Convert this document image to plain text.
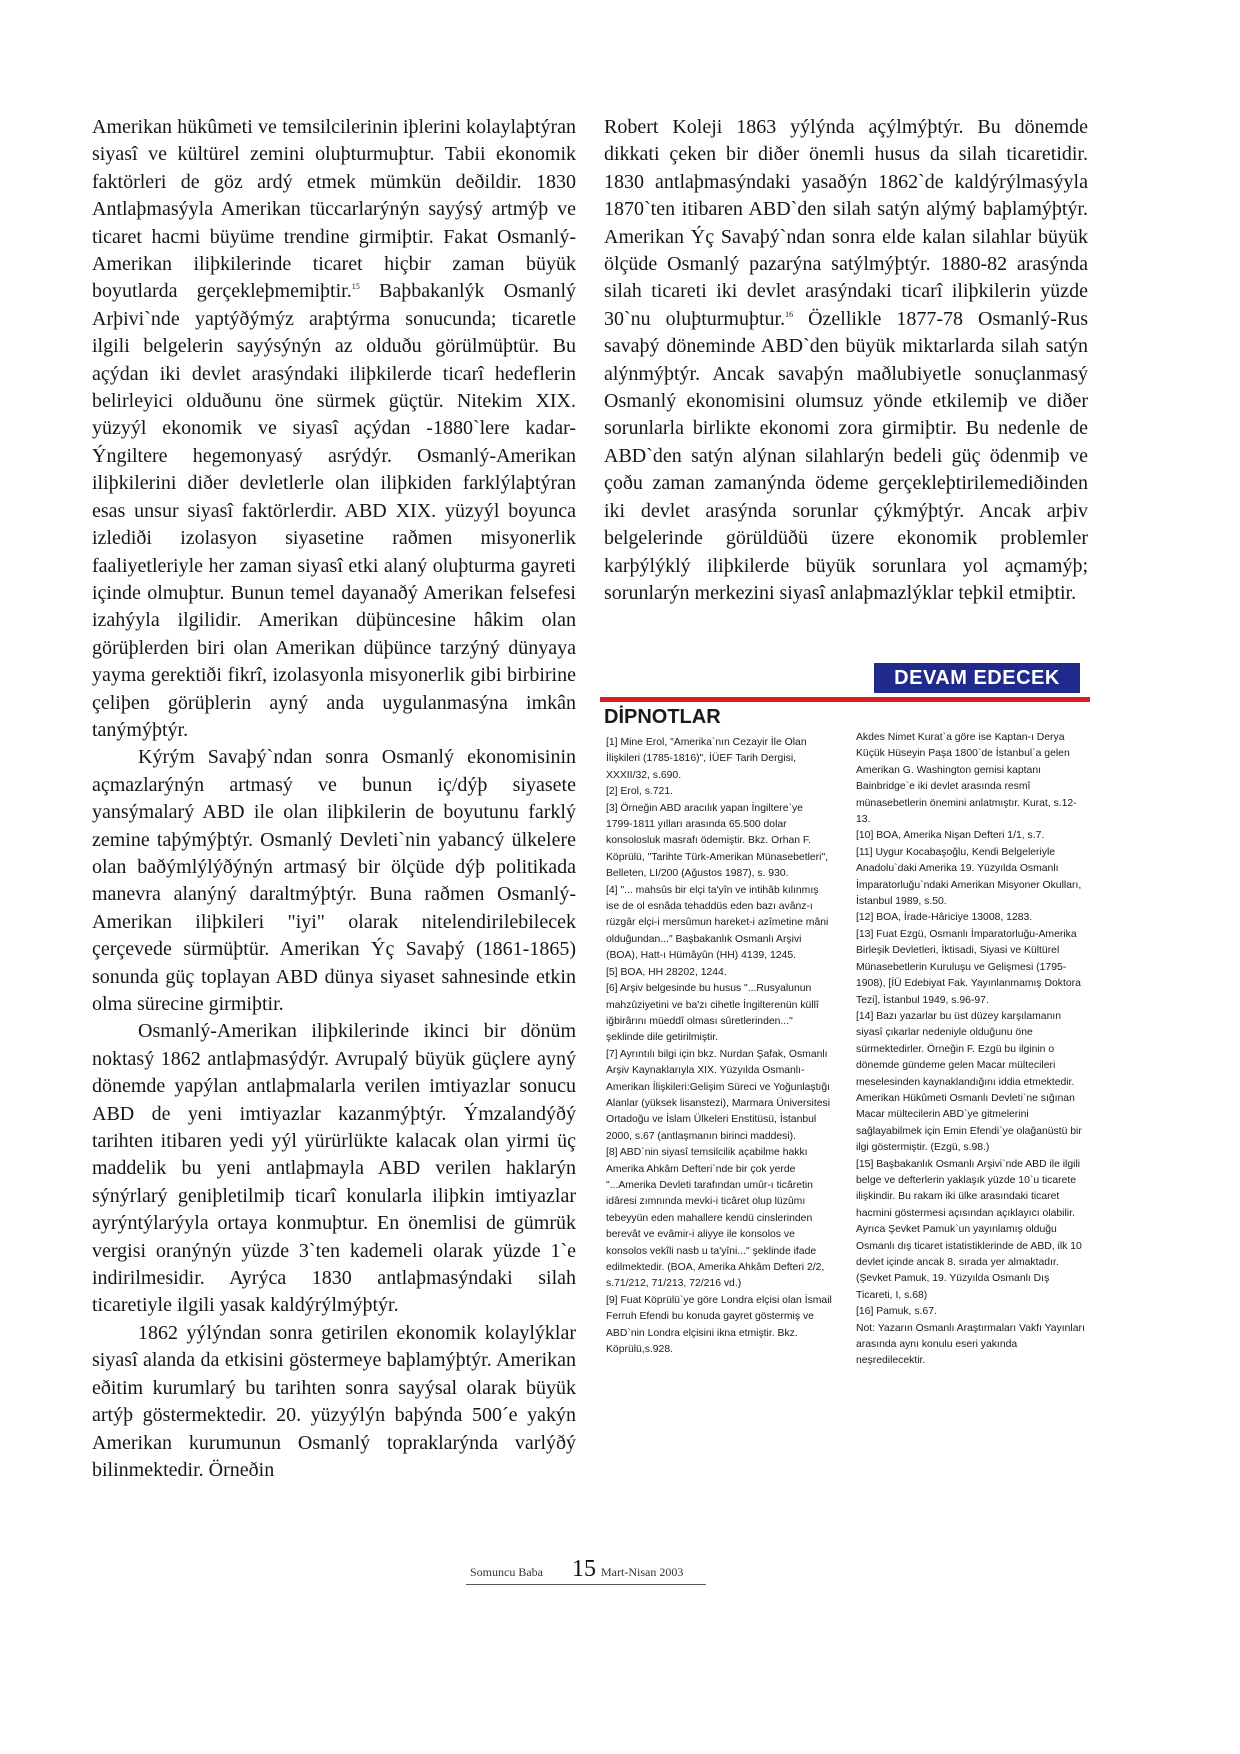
Amerikan hükûmeti ve temsilcilerinin iþlerini kolaylaþtýran siyasî ve kültürel zemini oluþturmuþtur. Tabii ekonomik faktörleri de göz ardý etmek mümkün deðildir. 1830 Antlaþmasýyla Amerikan tüccarlarýnýn sayýsý artmýþ ve ticaret hacmi büyüme trendine girmiþtir. Fakat Osmanlý-Amerikan iliþkilerinde ticaret hiçbir zaman büyük boyutlarda gerçekleþmemiþtir.$^{15}$ Baþbakanlýk Osmanlý Arþivi`nde yaptýðýmýz araþtýrma sonucunda; ticaretle ilgili belgelerin sayýsýnýn az olduðu görülmüþtür. Bu açýdan iki devlet arasýndaki iliþkilerde ticarî hedeflerin belirleyici olduðunu öne sürmek güçtür. Nitekim XIX. yüzyýl ekonomik ve siyasî açýdan -1880`lere kadar- Ýngiltere hegemonyasý asrýdýr. Osmanlý-Amerikan iliþkilerini diðer devletlerle olan iliþkiden farklýlaþtýran esas unsur siyasî faktörlerdir. ABD XIX. yüzyýl boyunca izlediði izolasyon siyasetine raðmen misyonerlik faaliyetleriyle her zaman siyasî etki alaný oluþturma gayreti içinde olmuþtur. Bunun temel dayanaðý Amerikan felsefesi izahýyla ilgilidir. Amerikan düþüncesine hâkim olan görüþlerden biri olan Amerikan düþünce tarzýný dünyaya yayma gerektiði fikrî, izolasyonla misyonerlik gibi birbirine çeliþen görüþlerin ayný anda uygulanmasýna imkân tanýmýþtýr.

Kýrým Savaþý`ndan sonra Osmanlý ekonomisinin açmazlarýnýn artmasý ve bunun iç/dýþ siyasete yansýmalarý ABD ile olan iliþkilerin de boyutunu farklý zemine taþýmýþtýr. Osmanlý Devleti`nin yabancý ülkelere olan baðýmlýlýðýnýn artmasý bir ölçüde dýþ politikada manevra alanýný daraltmýþtýr. Buna raðmen Osmanlý-Amerikan iliþkileri "iyi" olarak nitelendirilebilecek çerçevede sürmüþtür. Amerikan Ýç Savaþý (1861-1865) sonunda güç toplayan ABD dünya siyaset sahnesinde etkin olma sürecine girmiþtir.

Osmanlý-Amerikan iliþkilerinde ikinci bir dönüm noktasý 1862 antlaþmasýdýr. Avrupalý büyük güçlere ayný dönemde yapýlan antlaþmalarla verilen imtiyazlar sonucu ABD de yeni imtiyazlar kazanmýþtýr. Ýmzalandýðý tarihten itibaren yedi yýl yürürlükte kalacak olan yirmi üç maddelik bu yeni antlaþmayla ABD verilen haklarýn sýnýrlarý geniþletilmiþ ticarî konularla iliþkin imtiyazlar ayrýntýlarýyla ortaya konmuþtur. En önemlisi de gümrük vergisi oranýnýn yüzde 3`ten kademeli olarak yüzde 1`e indirilmesidir. Ayrýca 1830 antlaþmasýndaki silah ticaretiyle ilgili yasak kaldýrýlmýþtýr.

1862 yýlýndan sonra getirilen ekonomik kolaylýklar siyasî alanda da etkisini göstermeye baþlamýþtýr. Amerikan eðitim kurumlarý bu tarihten sonra sayýsal olarak büyük artýþ göstermektedir. 20. yüzyýlýn baþýnda 500´e yakýn Amerikan kurumunun Osmanlý topraklarýnda varlýðý bilinmektedir. Örneðin

Robert Koleji 1863 yýlýnda açýlmýþtýr. Bu dönemde dikkati çeken bir diðer önemli husus da silah ticaretidir. 1830 antlaþmasýndaki yasaðýn 1862`de kaldýrýlmasýyla 1870`ten itibaren ABD`den silah satýn alýmý baþlamýþtýr. Amerikan Ýç Savaþý`ndan sonra elde kalan silahlar büyük ölçüde Osmanlý pazarýna satýlmýþtýr. 1880-82 arasýnda silah ticareti iki devlet arasýndaki ticarî iliþkilerin yüzde 30`nu oluþturmuþtur.$^{16}$ Özellikle 1877-78 Osmanlý-Rus savaþý döneminde ABD`den büyük miktarlarda silah satýn alýnmýþtýr. Ancak savaþýn maðlubiyetle sonuçlanmasý Osmanlý ekonomisini olumsuz yönde etkilemiþ ve diðer sorunlarla birlikte ekonomi zora girmiþtir. Bu nedenle de ABD`den satýn alýnan silahlarýn bedeli güç ödenmiþ ve çoðu zaman zamanýnda ödeme gerçekleþtirilemediðinden iki devlet arasýnda sorunlar çýkmýþtýr. Ancak arþiv belgelerinde görüldüðü üzere ekonomik problemler karþýlýklý iliþkilerde büyük sorunlara yol açmamýþ; sorunlarýn merkezini siyasî anlaþmazlýklar teþkil etmiþtir.

DEVAM EDECEK
DİPNOTLAR

[1] Mine Erol, "Amerika`nın Cezayir İle Olan İlişkileri (1785-1816)", İÜEF Tarih Dergisi, XXXII/32, s.690.

[2] Erol, s.721.

[3] Örneğin ABD aracılık yapan İngiltere`ye 1799-1811 yılları arasında 65.500 dolar konsolosluk masrafı ödemiştir. Bkz. Orhan F. Köprülü, "Tarihte Türk-Amerikan Münasebetleri", Belleten, LI/200 (Ağustos 1987), s. 930.

[4] "... mahsûs bir elçi ta'yîn ve intihâb kılınmış ise de ol esnâda tehaddüs eden bazı avânz-ı rüzgâr elçi-i mersûmun hareket-i azîmetine mâni olduğundan..." Başbakanlık Osmanlı Arşivi (BOA), Hatt-ı Hümâyûn (HH) 4139, 1245.

[5] BOA, HH 28202, 1244.

[6] Arşiv belgesinde bu husus "...Rusyalunun mahzûziyetini ve ba'zı cihetle İngilterenün küllî iğbirârını müeddî olması sûretlerinden..." şeklinde dile getirilmiştir.

[7] Ayrıntılı bilgi için bkz. Nurdan Şafak, Osmanlı Arşiv Kaynaklarıyla XIX. Yüzyılda Osmanlı-Amerikan İlişkileri:Gelişim Süreci ve Yoğunlaştığı Alanlar (yüksek lisanstezi), Marmara Üniversitesi Ortadoğu ve İslam Ülkeleri Enstitüsü, İstanbul 2000, s.67 (antlaşmanın birinci maddesi).

[8] ABD`nin siyasî temsilcilik açabilme hakkı Amerika Ahkâm Defteri`nde bir çok yerde

"...Amerika Devleti tarafından umûr-ı ticâretin idâresi zımnında mevki-i ticâret olup lüzûmı tebeyyün eden mahallere kendü cinslerinden berevât ve evâmir-i aliyye ile konsolos ve konsolos vekîli nasb u ta'yîni..." şeklinde ifade edilmektedir. (BOA, Amerika Ahkâm Defteri 2/2, s.71/212, 71/213, 72/216 vd.)

[9] Fuat Köprülü`ye göre Londra elçisi olan İsmail Ferruh Efendi bu konuda gayret göstermiş ve ABD`nin Londra elçisini ikna etmiştir. Bkz. Köprülü,s.928.

Akdes Nimet Kurat`a göre ise Kaptan-ı Derya Küçük Hüseyin Paşa 1800`de İstanbul`a gelen Amerikan G. Washington gemisi kaptanı Bainbridge`e iki devlet arasında resmî münasebetlerin önemini anlatmıştır. Kurat, s.12-13.

[10] BOA, Amerika Nişan Defteri 1/1, s.7.

[11] Uygur Kocabaşoğlu, Kendi Belgeleriyle Anadolu`daki Amerika 19. Yüzyılda Osmanlı İmparatorluğu`ndaki Amerikan Misyoner Okulları, İstanbul 1989, s.50.

[12] BOA, İrade-Hâriciye 13008, 1283.

[13] Fuat Ezgü, Osmanlı İmparatorluğu-Amerika Birleşik Devletleri, İktisadi, Siyasi ve Kültürel Münasebetlerin Kuruluşu ve Gelişmesi (1795-1908), [İÜ Edebiyat Fak. Yayınlanmamış Doktora Tezi], İstanbul 1949, s.96-97.

[14] Bazı yazarlar bu üst düzey karşılamanın siyasî çıkarlar nedeniyle olduğunu öne sürmektedirler. Örneğin F. Ezgü bu ilginin o dönemde gündeme gelen Macar mültecileri meselesinden kaynaklandığını iddia etmektedir. Amerikan Hükûmeti Osmanlı Devleti`ne sığınan Macar mültecilerin ABD`ye gitmelerini sağlayabilmek için Emin Efendi`ye olağanüstü bir ilgi göstermiştir. (Ezgü, s.98.)

[15] Başbakanlık Osmanlı Arşivi`nde ABD ile ilgili belge ve defterlerin yaklaşık yüzde 10`u ticarete ilişkindir. Bu rakam iki ülke arasındaki ticaret hacmini göstermesi açısından açıklayıcı olabilir. Ayrıca Şevket Pamuk`un yayınlamış olduğu Osmanlı dış ticaret istatistiklerinde de ABD, ilk 10 devlet içinde ancak 8. sırada yer almaktadır. (Şevket Pamuk, 19. Yüzyılda Osmanlı Dış Ticareti, I, s.68)

[16] Pamuk, s.67.

Not: Yazarın Osmanlı Araştırmaları Vakfı Yayınları arasında aynı konulu eseri yakında neşredilecektir.

Somuncu Baba 15 Mart-Nisan 2003
